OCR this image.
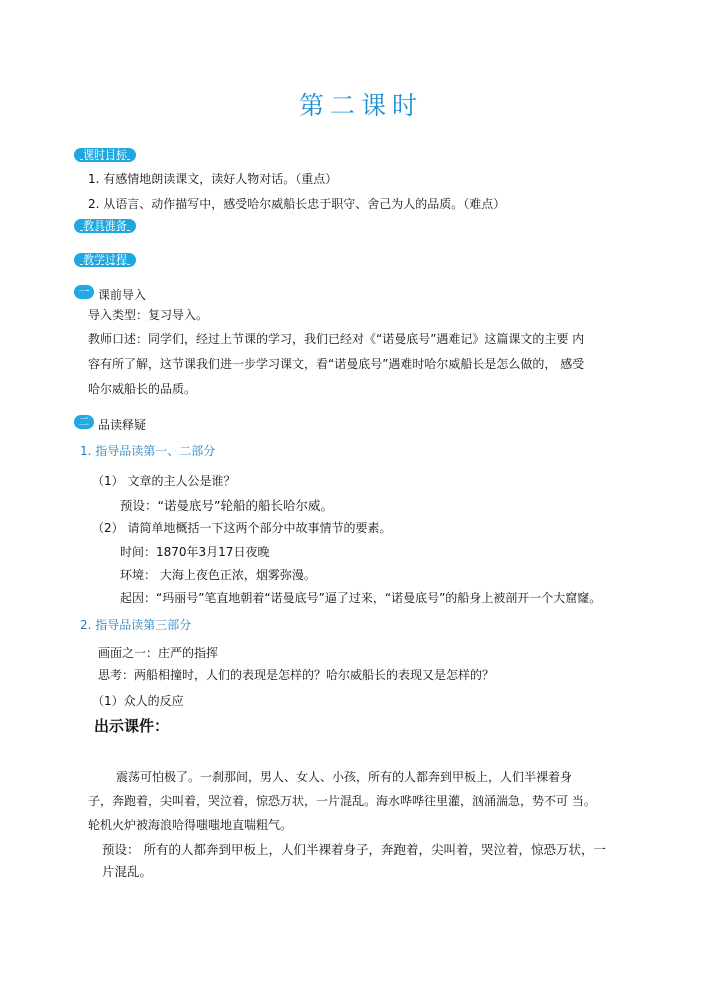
第二课时
课时目标
1. 有感情地朗读课文，读好人物对话。（重点）
2. 从语言、动作描写中，感受哈尔威船长忠于职守、舍己为人的品质。（难点）
教具准备
教学过程
一 课前导入
导入类型：复习导入。
教师口述：同学们，经过上节课的学习，我们已经对《“诺曼底号”遇难记》这篇课文的主要 内
容有所了解，这节课我们进一步学习课文，看“诺曼底号”遇难时哈尔威船长是怎么做的， 感受
哈尔威船长的品质。
二 品读释疑
1. 指导品读第一、二部分
（1） 文章的主人公是谁？
预设：“诺曼底号”轮船的船长哈尔威。
（2） 请简单地概括一下这两个部分中故事情节的要素。
时间：1870年3月17日夜晚
环境： 大海上夜色正浓，烟雾弥漫。
起因：“玛丽号”笔直地朝着“诺曼底号”逼了过来，“诺曼底号”的船身上被剖开一个大窟窿。
2. 指导品读第三部分
画面之一：庄严的指挥
思考：两船相撞时，人们的表现是怎样的？哈尔威船长的表现又是怎样的？
（1）众人的反应
出示课件：
震荡可怕极了。一刹那间，男人、女人、小孩，所有的人都奔到甲板上，人们半裸着身
子，奔跑着，尖叫着，哭泣着，惊恐万状，一片混乱。海水哗哗往里灌，汹涌湍急，势不可 当。
轮机火炉被海浪哈得嗤嗤地直喘粗气。
预设： 所有的人都奔到甲板上，人们半裸着身子，奔跑着，尖叫着，哭泣着，惊恐万状，一
片混乱。
